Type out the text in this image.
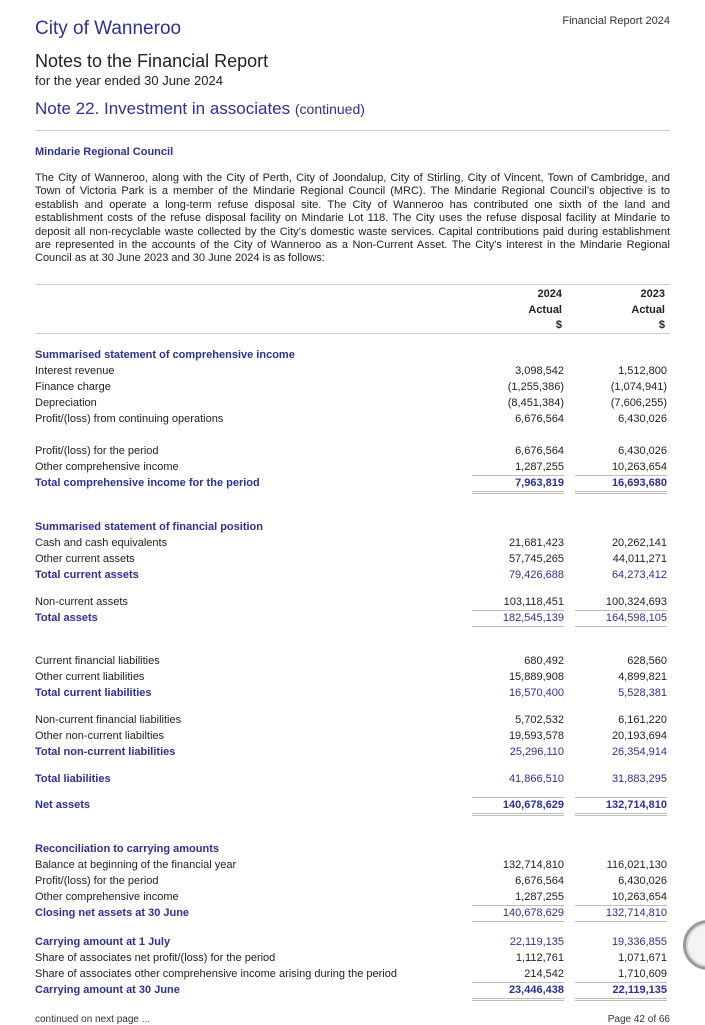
City of Wanneroo	Financial Report 2024
Notes to the Financial Report
for the year ended 30 June 2024
Note 22. Investment in associates (continued)
Mindarie Regional Council
The City of Wanneroo, along with the City of Perth, City of Joondalup, City of Stirling, City of Vincent, Town of Cambridge, and Town of Victoria Park is a member of the Mindarie Regional Council (MRC). The Mindarie Regional Council’s objective is to establish and operate a long-term refuse disposal site. The City of Wanneroo has contributed one sixth of the land and establishment costs of the refuse disposal facility on Mindarie Lot 118. The City uses the refuse disposal facility at Mindarie to deposit all non-recyclable waste collected by the City’s domestic waste services. Capital contributions paid during establishment are represented in the accounts of the City of Wanneroo as a Non-Current Asset. The City's interest in the Mindarie Regional Council as at 30 June 2023 and 30 June 2024 is as follows:
2024
Actual
$
2023
Actual
$
Summarised statement of comprehensive income
Interest revenue	3,098,542	1,512,800
Finance charge	(1,255,386)	(1,074,941)
Depreciation	(8,451,384)	(7,606,255)
Profit/(loss) from continuing operations	6,676,564	6,430,026
Profit/(loss) for the period	6,676,564	6,430,026
Other comprehensive income	1,287,255	10,263,654
Total comprehensive income for the period	7,963,819	16,693,680
Summarised statement of financial position
Cash and cash equivalents	21,681,423	20,262,141
Other current assets	57,745,265	44,011,271
Total current assets	79,426,688	64,273,412
Non-current assets	103,118,451	100,324,693
Total assets	182,545,139	164,598,105
Current financial liabilities	680,492	628,560
Other current liabilities	15,889,908	4,899,821
Total current liabilities	16,570,400	5,528,381
Non-current financial liabilities	5,702,532	6,161,220
Other non-current liabilties	19,593,578	20,193,694
Total non-current liabilities	25,296,110	26,354,914
Total liabilities	41,866,510	31,883,295
Net assets	140,678,629	132,714,810
Reconciliation to carrying amounts
Balance at beginning of the financial year	132,714,810	116,021,130
Profit/(loss) for the period	6,676,564	6,430,026
Other comprehensive income	1,287,255	10,263,654
Closing net assets at 30 June	140,678,629	132,714,810
Carrying amount at 1 July	22,119,135	19,336,855
Share of associates net profit/(loss) for the period	1,112,761	1,071,671
Share of associates other comprehensive income arising during the period	214,542	1,710,609
Carrying amount at 30 June	23,446,438	22,119,135
continued on next page ...	Page 42 of 66
